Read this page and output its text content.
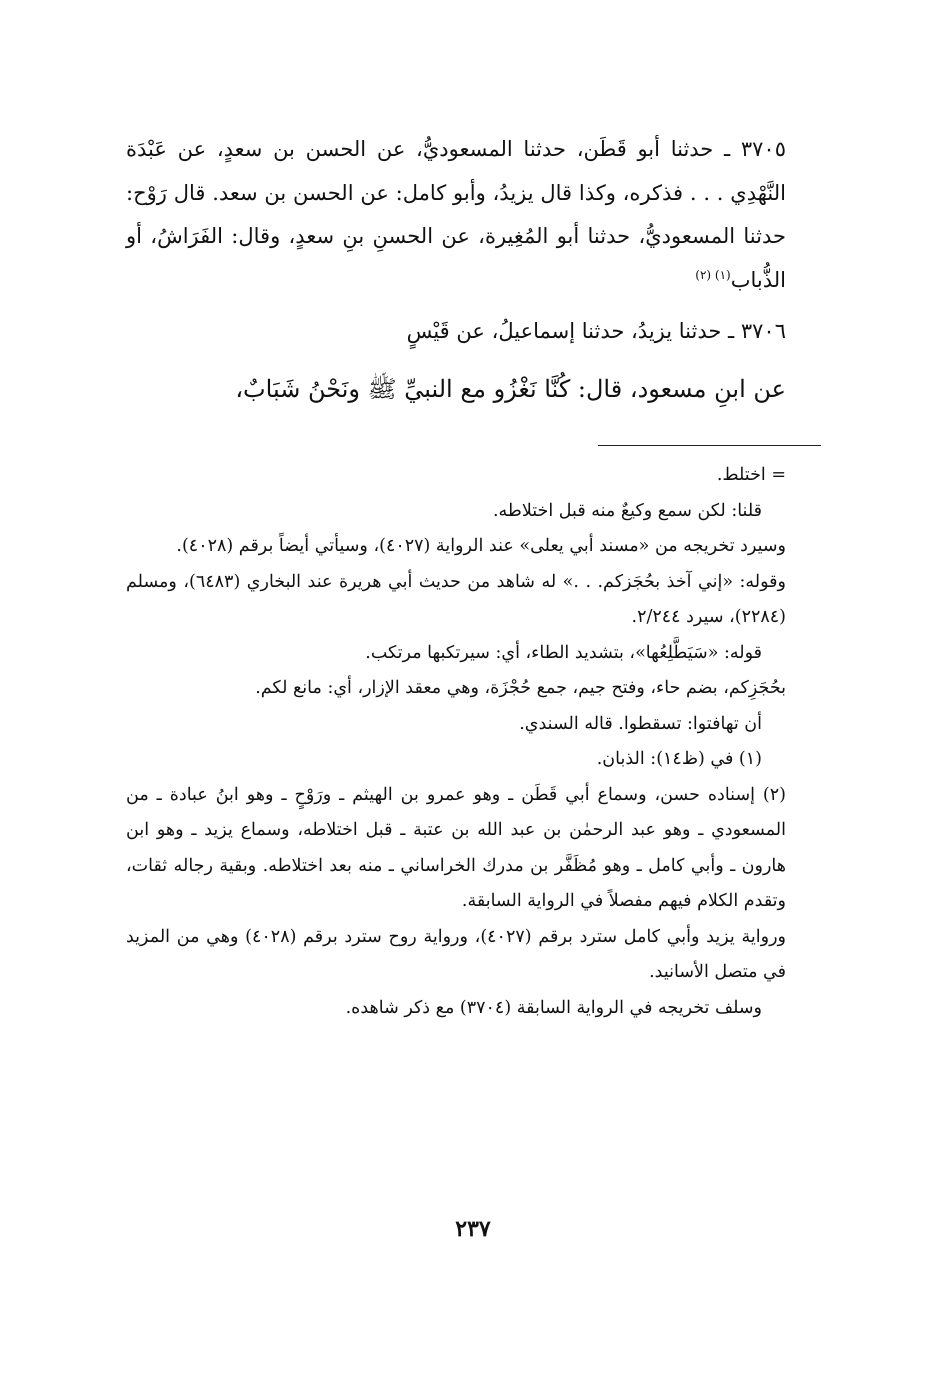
٣٧٠٥ ـ حدثنا أبو قَطَن، حدثنا المسعوديُّ، عن الحسن بن سعدٍ، عن عَبْدَة النَّهْدِي . . . فذكره، وكذا قال يزيدُ، وأبو كامل: عن الحسن بن سعد. قال رَوْح: حدثنا المسعوديُّ، حدثنا أبو المُغِيرة، عن الحسنِ بنِ سعدٍ، وقال: الفَرَاشُ، أو الذُّباب$^{(١) (٢)}$

٣٧٠٦ ـ حدثنا يزيدُ، حدثنا إسماعيلُ، عن قَيْسٍ

عن ابنِ مسعود، قال: كُنَّا نَغْزُو مع النبيِّ ﷺ ونَحْنُ شَبَابٌ،

= اختلط.

قلنا: لكن سمع وكيعٌ منه قبل اختلاطه.

وسيرد تخريجه من «مسند أبي يعلى» عند الرواية (٤٠٢٧)، وسيأتي أيضاً برقم (٤٠٢٨).

وقوله: «إني آخذ بحُجَزكم. . .» له شاهد من حديث أبي هريرة عند البخاري (٦٤٨٣)، ومسلم (٢٢٨٤)، سيرد ٢/٢٤٤.

قوله: «سَيَطَّلِعُها»، بتشديد الطاء، أي: سيرتكبها مرتكب.

بحُجَزِكم، بضم حاء، وفتح جيم، جمع حُجْزَة، وهي معقد الإزار، أي: مانع لكم.

أن تهافتوا: تسقطوا. قاله السندي.

(١) في (ظ١٤): الذبان.

(٢) إسناده حسن، وسماع أبي قَطَن ـ وهو عمرو بن الهيثم ـ ورَوْحٍ ـ وهو ابنُ عبادة ـ من المسعودي ـ وهو عبد الرحمٰن بن عبد الله بن عتبة ـ قبل اختلاطه، وسماع يزيد ـ وهو ابن هارون ـ وأبي كامل ـ وهو مُظَفَّر بن مدرك الخراساني ـ منه بعد اختلاطه. وبقية رجاله ثقات، وتقدم الكلام فيهم مفصلاً في الرواية السابقة.

ورواية يزيد وأبي كامل سترد برقم (٤٠٢٧)، ورواية روح سترد برقم (٤٠٢٨) وهي من المزيد في متصل الأسانيد.

وسلف تخريجه في الرواية السابقة (٣٧٠٤) مع ذكر شاهده.

٢٣٧
